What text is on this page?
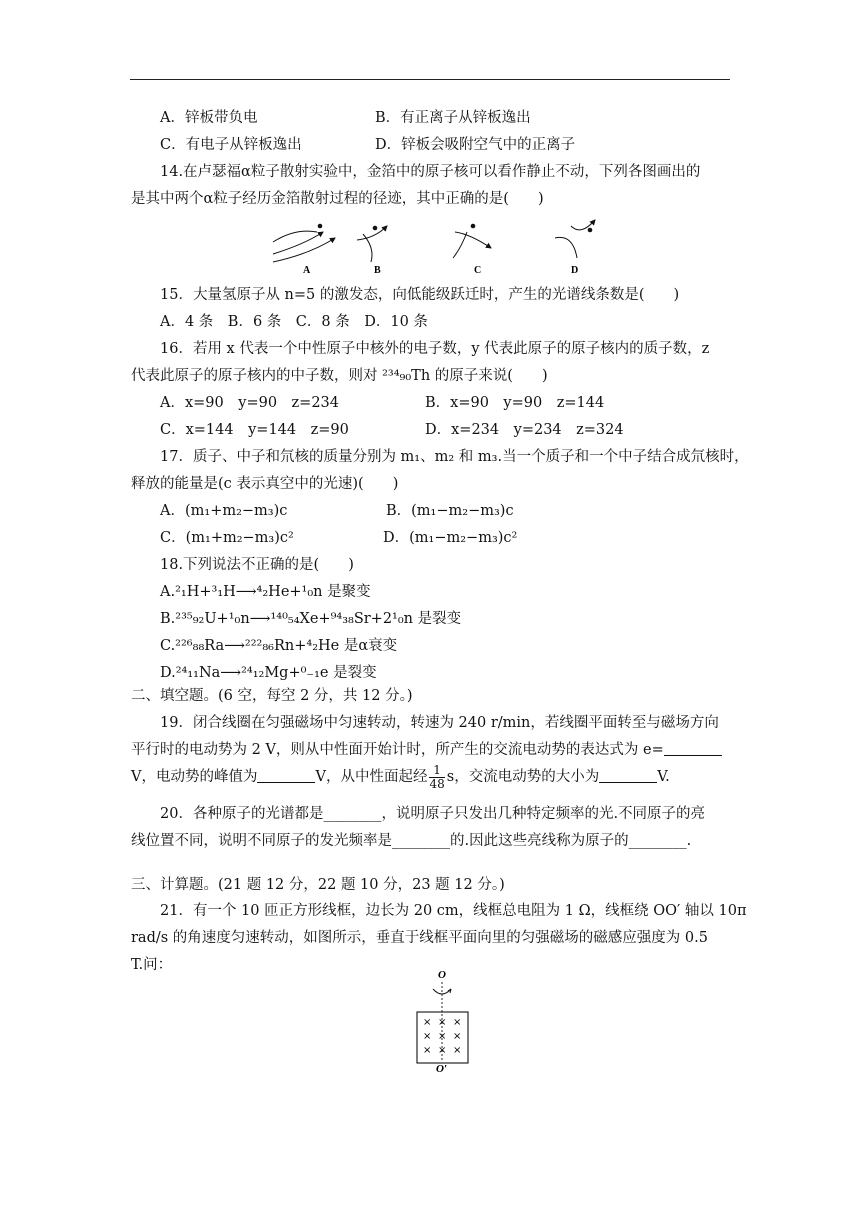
A．锌板带负电	B．有正离子从锌板逸出
C．有电子从锌板逸出	D．锌板会吸附空气中的正离子
14.在卢瑟福α粒子散射实验中，金箔中的原子核可以看作静止不动，下列各图画出的
是其中两个α粒子经历金箔散射过程的径迹，其中正确的是(　　)
A	B	C	D
15．大量氢原子从 n=5 的激发态，向低能级跃迁时，产生的光谱线条数是(　　)
A．4 条　B．6 条　C．8 条　D．10 条
16．若用 x 代表一个中性原子中核外的电子数，y 代表此原子的原子核内的质子数，z
代表此原子的原子核内的中子数，则对 ²³⁴₉₀Th 的原子来说(　　)
A．x=90　y=90　z=234	B．x=90　y=90　z=144
C．x=144　y=144　z=90	D．x=234　y=234　z=324
17．质子、中子和氘核的质量分别为 m₁、m₂ 和 m₃.当一个质子和一个中子结合成氘核时，
释放的能量是(c 表示真空中的光速)(　　)
A．(m₁+m₂−m₃)c	B．(m₁−m₂−m₃)c
C．(m₁+m₂−m₃)c²	D．(m₁−m₂−m₃)c²
18.下列说法不正确的是(　　)
A.²₁H+³₁H⟶⁴₂He+¹₀n 是聚变
B.²³⁵₉₂U+¹₀n⟶¹⁴⁰₅₄Xe+⁹⁴₃₈Sr+2¹₀n 是裂变
C.²²⁶₈₈Ra⟶²²²₈₆Rn+⁴₂He 是α衰变
D.²⁴₁₁Na⟶²⁴₁₂Mg+⁰₋₁e 是裂变
二、填空题。(6 空，每空 2 分，共 12 分。)
19．闭合线圈在匀强磁场中匀速转动，转速为 240 r/min，若线圈平面转至与磁场方向
平行时的电动势为 2 V，则从中性面开始计时，所产生的交流电动势的表达式为 e=
V，电动势的峰值为	V，从中性面起经 $\frac{1}{48}$ s，交流电动势的大小为	V.
20．各种原子的光谱都是________，说明原子只发出几种特定频率的光.不同原子的亮
线位置不同，说明不同原子的发光频率是________的.因此这些亮线称为原子的________.
三、计算题。(21 题 12 分，22 题 10 分，23 题 12 分。)
21．有一个 10 匝正方形线框，边长为 20 cm，线框总电阻为 1 Ω，线框绕 OO′ 轴以 10π
rad/s 的角速度匀速转动，如图所示，垂直于线框平面向里的匀强磁场的磁感应强度为 0.5
T.问：
O
× × ×
× × ×
× × ×
O′
